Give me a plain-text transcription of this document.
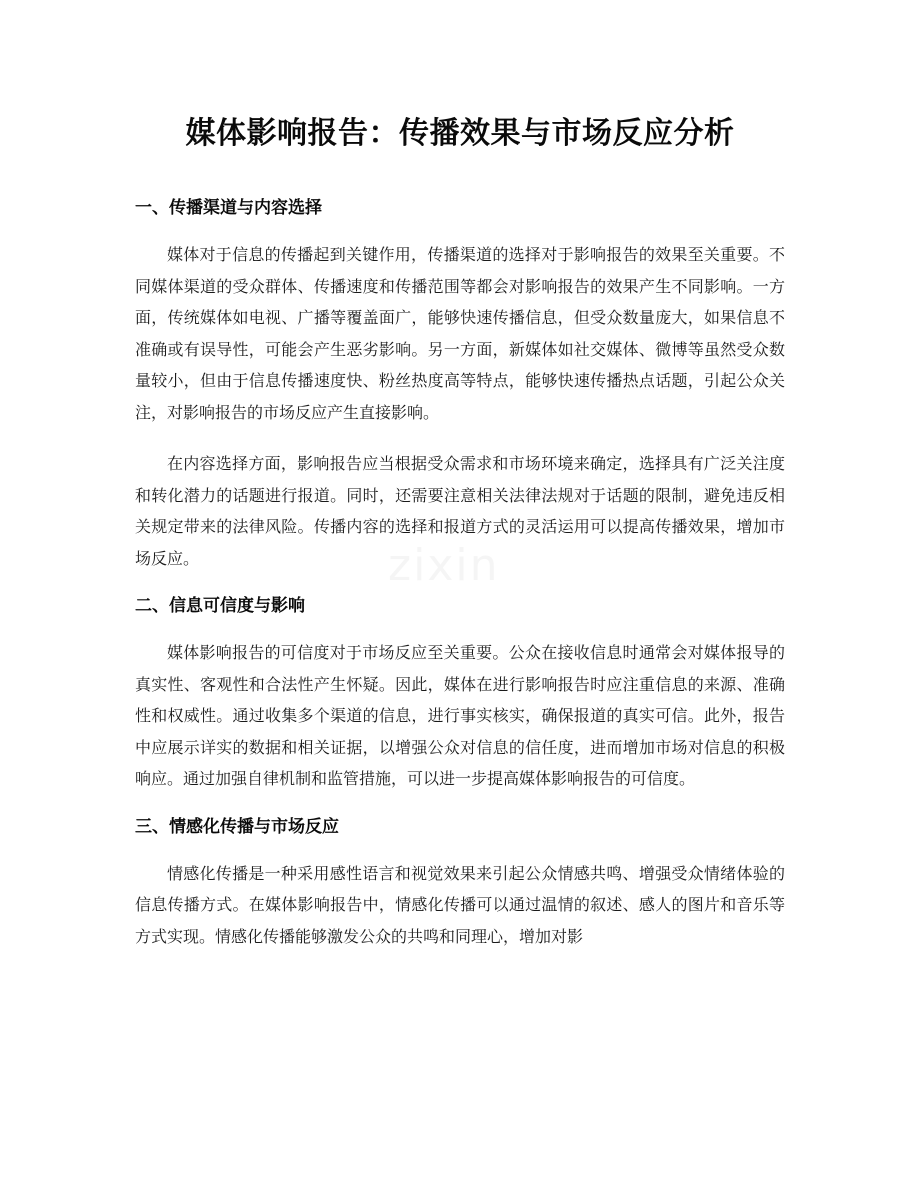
媒体影响报告：传播效果与市场反应分析
一、传播渠道与内容选择

媒体对于信息的传播起到关键作用，传播渠道的选择对于影响报告的效果至关重要。不同媒体渠道的受众群体、传播速度和传播范围等都会对影响报告的效果产生不同影响。一方面，传统媒体如电视、广播等覆盖面广，能够快速传播信息，但受众数量庞大，如果信息不准确或有误导性，可能会产生恶劣影响。另一方面，新媒体如社交媒体、微博等虽然受众数量较小，但由于信息传播速度快、粉丝热度高等特点，能够快速传播热点话题，引起公众关注，对影响报告的市场反应产生直接影响。

在内容选择方面，影响报告应当根据受众需求和市场环境来确定，选择具有广泛关注度和转化潜力的话题进行报道。同时，还需要注意相关法律法规对于话题的限制，避免违反相关规定带来的法律风险。传播内容的选择和报道方式的灵活运用可以提高传播效果，增加市场反应。

二、信息可信度与影响

媒体影响报告的可信度对于市场反应至关重要。公众在接收信息时通常会对媒体报导的真实性、客观性和合法性产生怀疑。因此，媒体在进行影响报告时应注重信息的来源、准确性和权威性。通过收集多个渠道的信息，进行事实核实，确保报道的真实可信。此外，报告中应展示详实的数据和相关证据，以增强公众对信息的信任度，进而增加市场对信息的积极响应。通过加强自律机制和监管措施，可以进一步提高媒体影响报告的可信度。

三、情感化传播与市场反应

情感化传播是一种采用感性语言和视觉效果来引起公众情感共鸣、增强受众情绪体验的信息传播方式。在媒体影响报告中，情感化传播可以通过温情的叙述、感人的图片和音乐等方式实现。情感化传播能够激发公众的共鸣和同理心，增加对影

zixin
